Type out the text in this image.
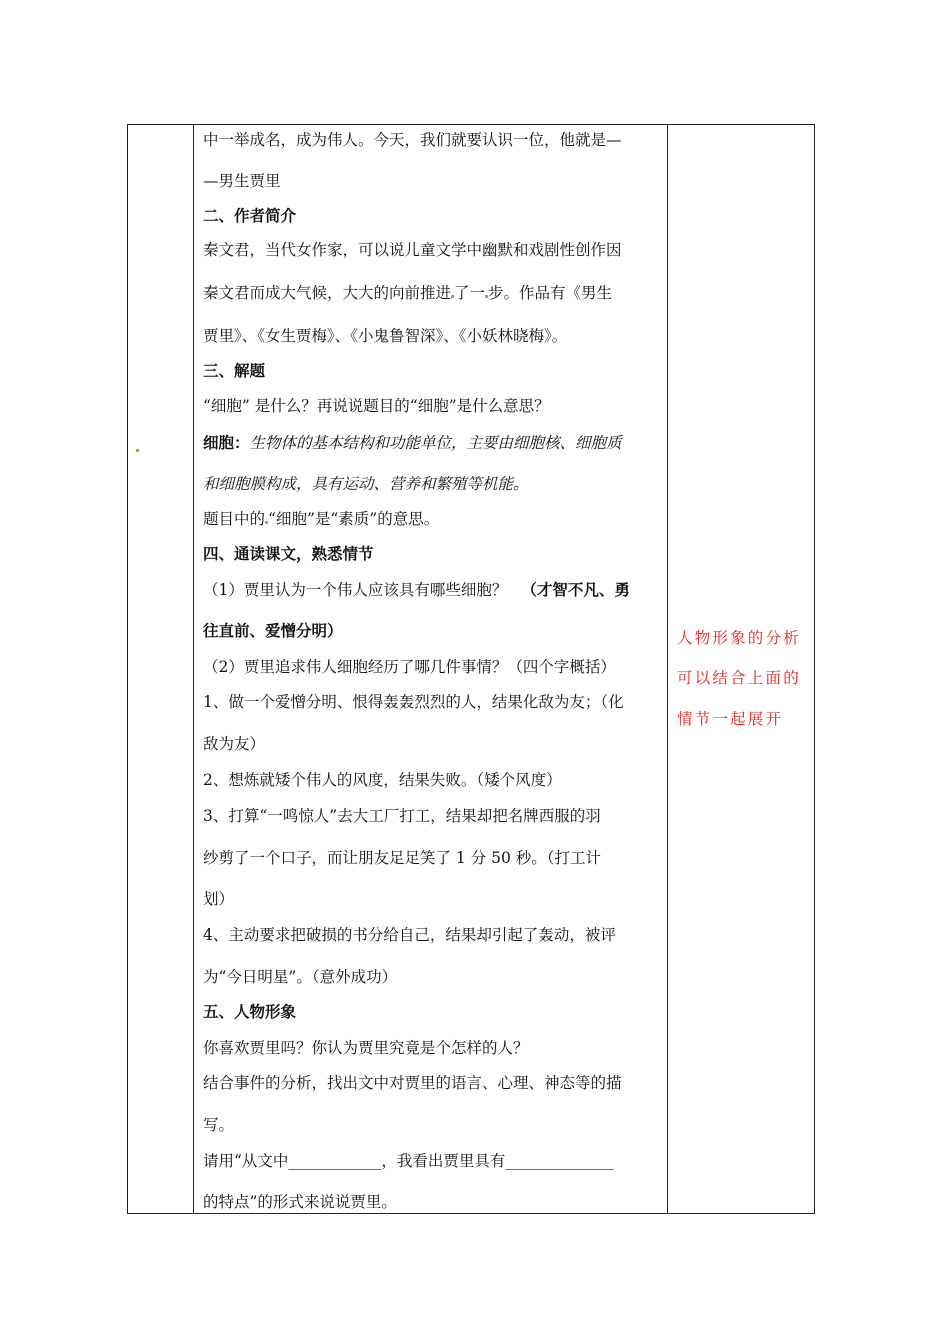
中一举成名，成为伟人。今天，我们就要认识一位，他就是—
—男生贾里
二、作者简介
秦文君，当代女作家，可以说儿童文学中幽默和戏剧性创作因
秦文君而成大气候，大大的向前推进 了一 步。作品有《男生
贾里》、《女生贾梅》、《小鬼鲁智深》、《小妖林晓梅》。
三、解题
“细胞” 是什么？再说说题目的“细胞”是什么意思？
细胞：生物体的基本结构和功能单位，主要由细胞核、细胞质
和细胞膜构成，具有运动、营养和繁殖等机能。
题目中的 “细胞”是“素质”的意思。
四、通读课文，熟悉情节
（1）贾里认为一个伟人应该具有哪些细胞？ （才智不凡、勇
往直前、爱憎分明）
（2）贾里追求伟人细胞经历了哪几件事情？（四个字概括）
1、做一个爱憎分明、恨得轰轰烈烈的人，结果化敌为友；（化
敌为友）
2、想炼就矮个伟人的风度，结果失败。（矮个风度）
3、打算“一鸣惊人”去大工厂打工，结果却把名牌西服的羽
纱剪了一个口子，而让朋友足足笑了 1 分 50 秒。（打工计
划）
4、主动要求把破损的书分给自己，结果却引起了轰动，被评
为“今日明星”。（意外成功）
五、人物形象
你喜欢贾里吗？你认为贾里究竟是个怎样的人？
结合事件的分析，找出文中对贾里的语言、心理、神态等的描
写。
请用“从文中____________，我看出贾里具有______________
的特点”的形式来说说贾里。
人物形象的分析
可以结合上面的
情节一起展开
